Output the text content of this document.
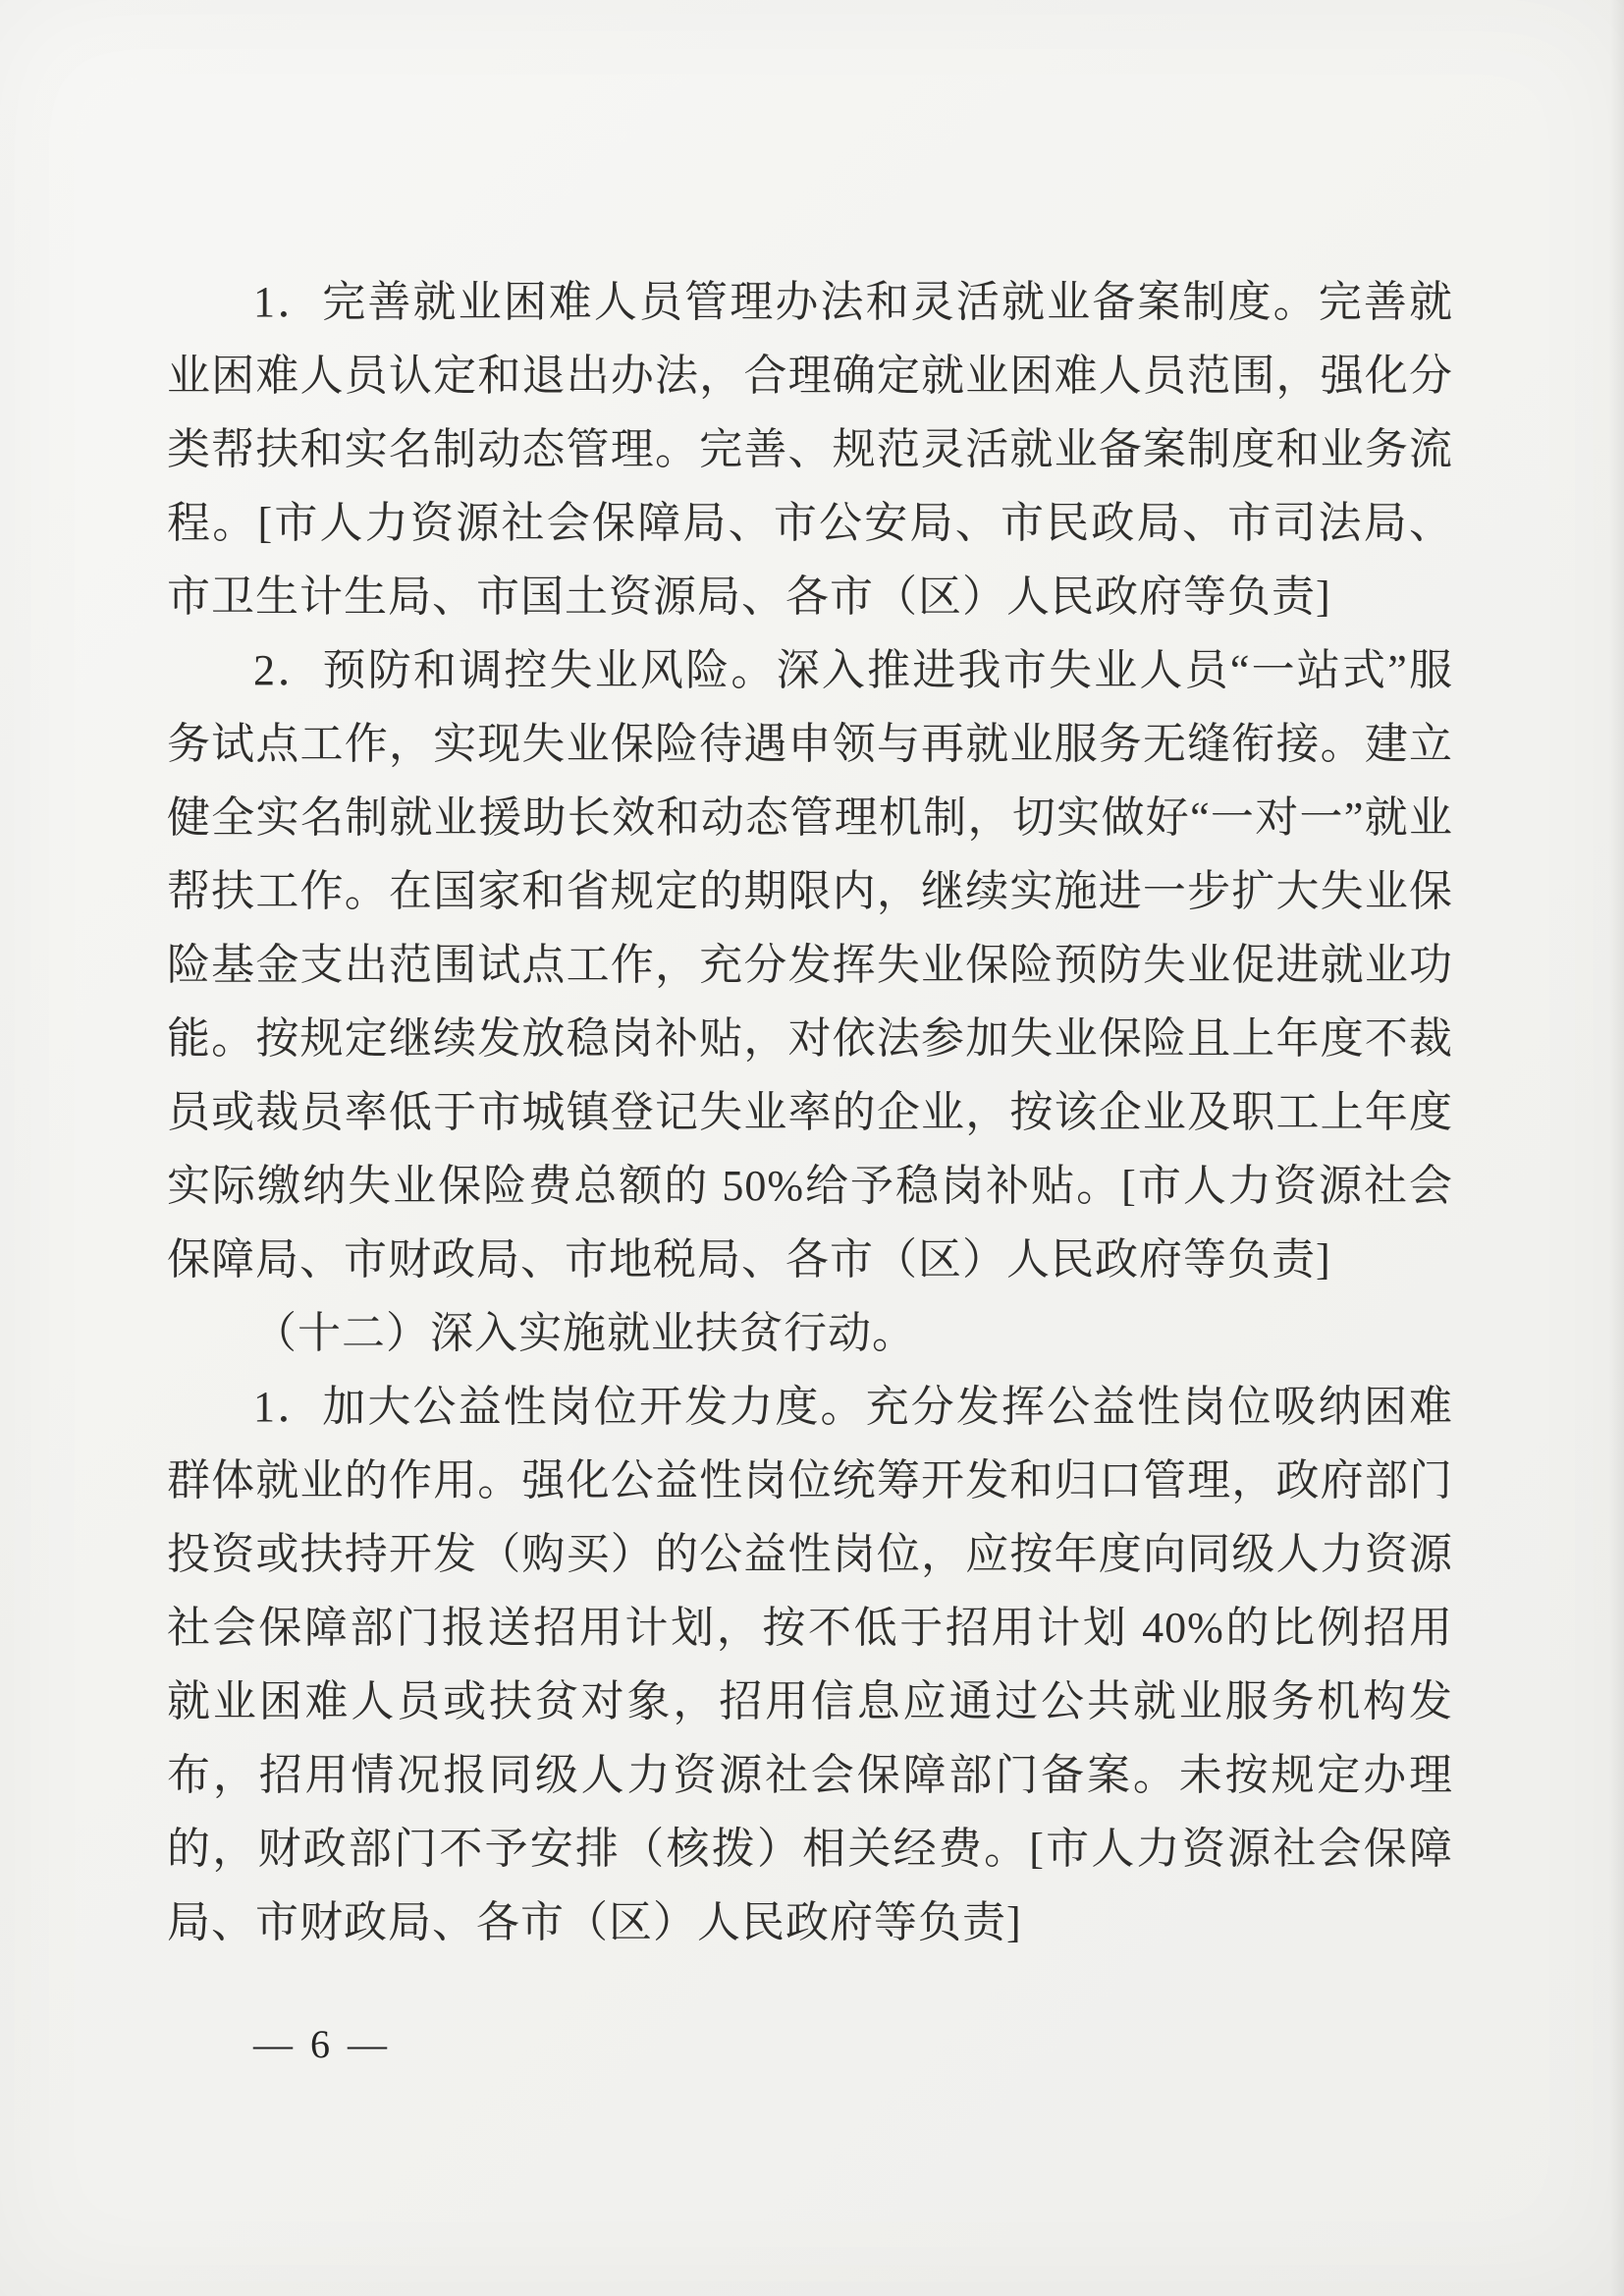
1．完善就业困难人员管理办法和灵活就业备案制度。完善就业困难人员认定和退出办法，合理确定就业困难人员范围，强化分类帮扶和实名制动态管理。完善、规范灵活就业备案制度和业务流程。[市人力资源社会保障局、市公安局、市民政局、市司法局、市卫生计生局、市国土资源局、各市（区）人民政府等负责]

2．预防和调控失业风险。深入推进我市失业人员“一站式”服务试点工作，实现失业保险待遇申领与再就业服务无缝衔接。建立健全实名制就业援助长效和动态管理机制，切实做好“一对一”就业帮扶工作。在国家和省规定的期限内，继续实施进一步扩大失业保险基金支出范围试点工作，充分发挥失业保险预防失业促进就业功能。按规定继续发放稳岗补贴，对依法参加失业保险且上年度不裁员或裁员率低于市城镇登记失业率的企业，按该企业及职工上年度实际缴纳失业保险费总额的 50%给予稳岗补贴。[市人力资源社会保障局、市财政局、市地税局、各市（区）人民政府等负责]

（十二）深入实施就业扶贫行动。

1．加大公益性岗位开发力度。充分发挥公益性岗位吸纳困难群体就业的作用。强化公益性岗位统筹开发和归口管理，政府部门投资或扶持开发（购买）的公益性岗位，应按年度向同级人力资源社会保障部门报送招用计划，按不低于招用计划 40%的比例招用就业困难人员或扶贫对象，招用信息应通过公共就业服务机构发布，招用情况报同级人力资源社会保障部门备案。未按规定办理的，财政部门不予安排（核拨）相关经费。[市人力资源社会保障局、市财政局、各市（区）人民政府等负责]

— 6 —
